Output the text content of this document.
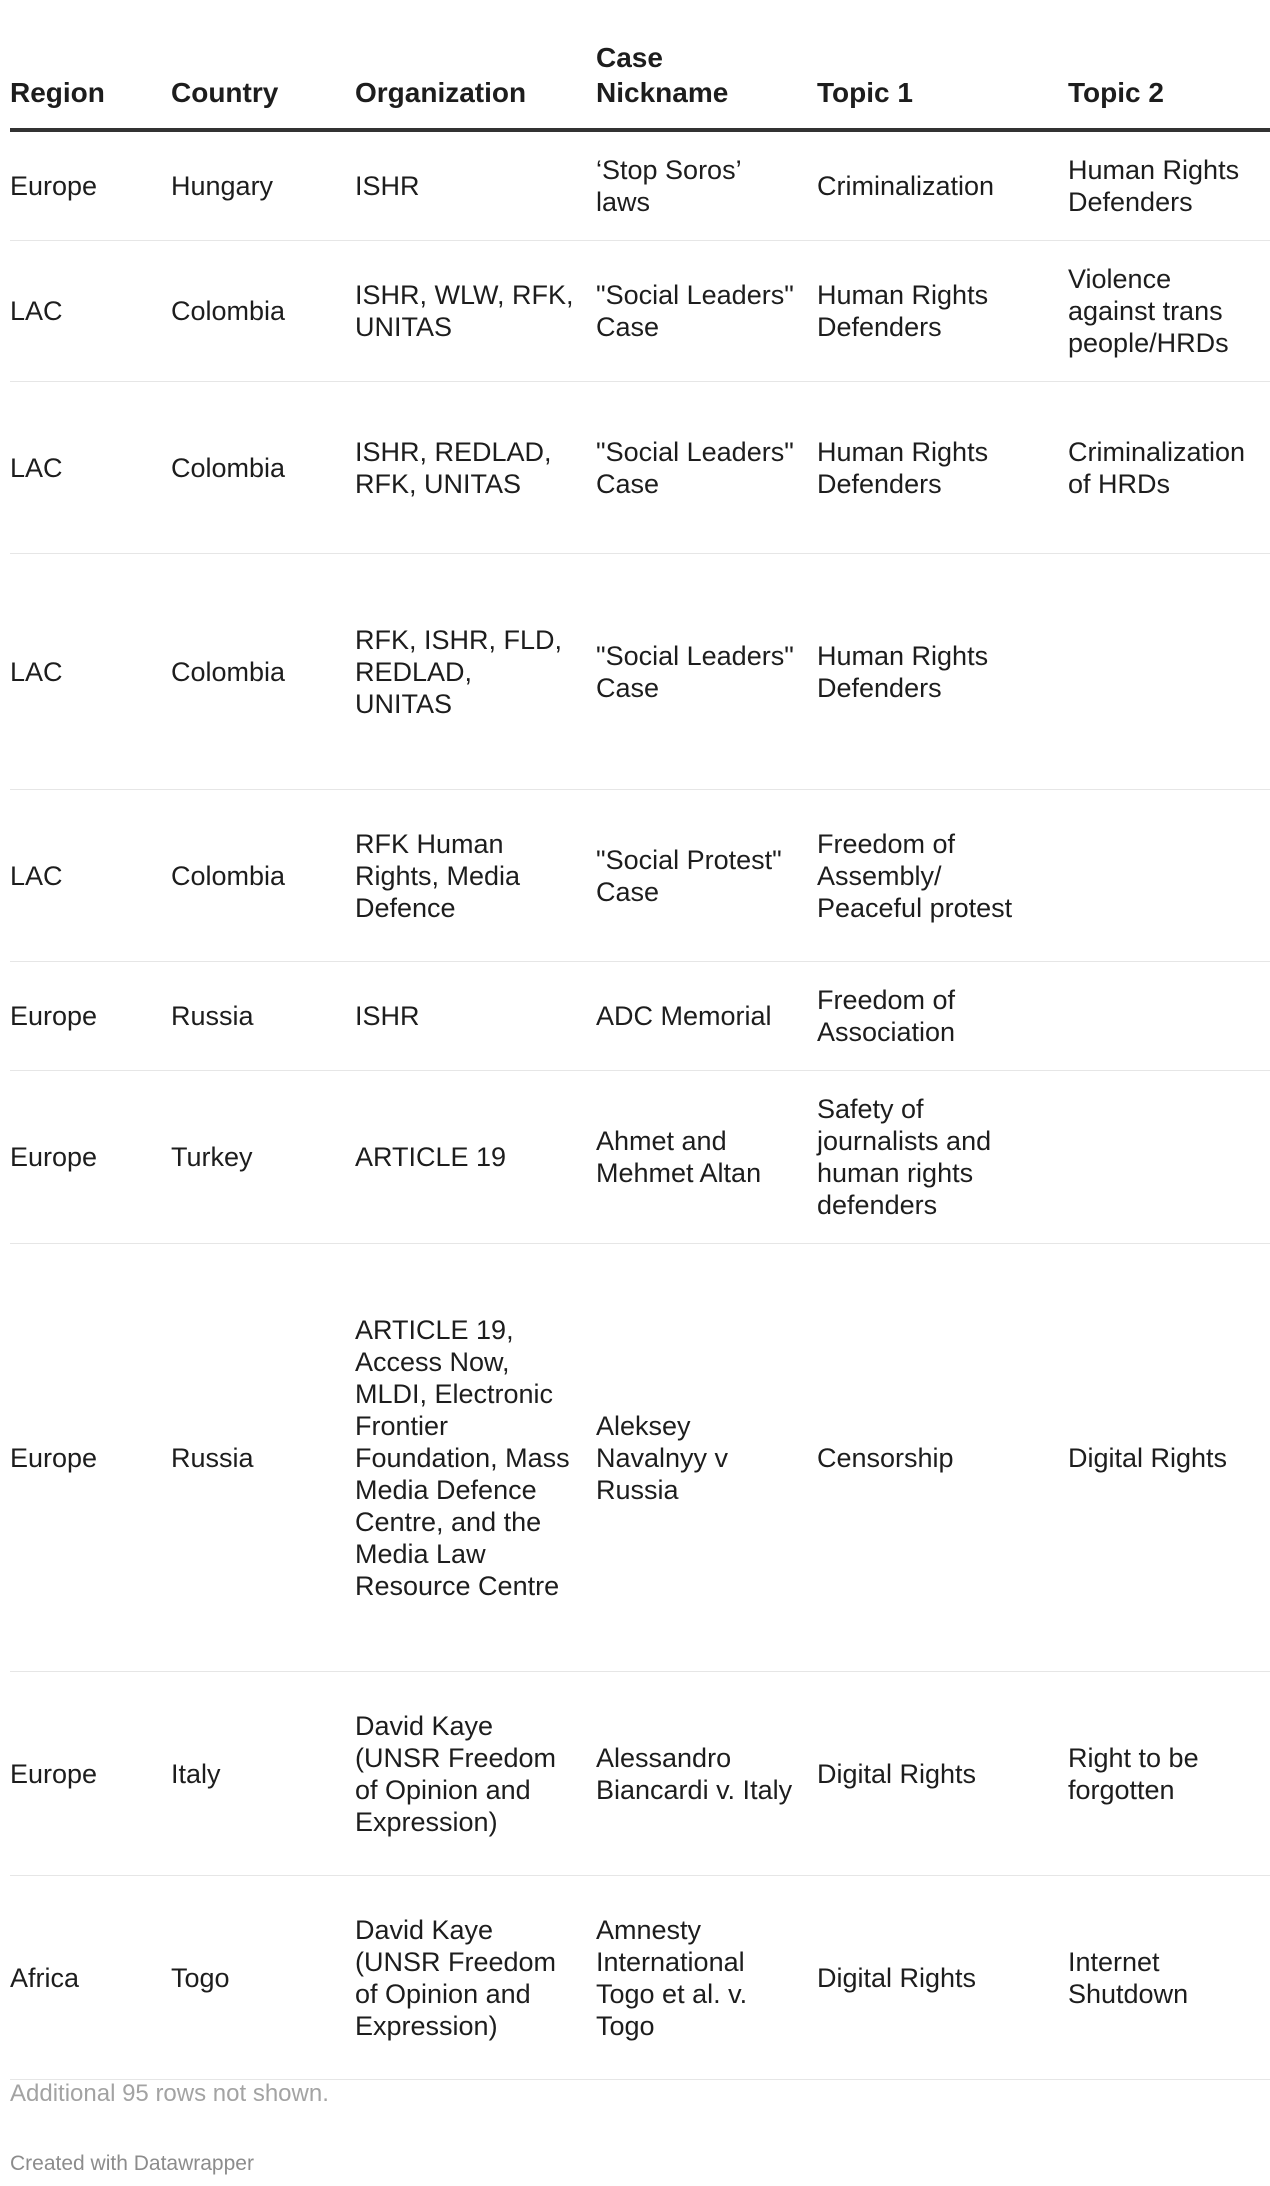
Region	Country	Organization	Case Nickname	Topic 1	Topic 2
Europe	Hungary	ISHR	‘Stop Soros’ laws	Criminalization	Human Rights Defenders
LAC	Colombia	ISHR, WLW, RFK, UNITAS	"Social Leaders" Case	Human Rights Defenders	Violence against trans people/HRDs
LAC	Colombia	ISHR, REDLAD, RFK, UNITAS	"Social Leaders" Case	Human Rights Defenders	Criminalization of HRDs
LAC	Colombia	RFK, ISHR, FLD, REDLAD, UNITAS	"Social Leaders" Case	Human Rights Defenders	
LAC	Colombia	RFK Human Rights, Media Defence	"Social Protest" Case	Freedom of Assembly/ Peaceful protest	
Europe	Russia	ISHR	ADC Memorial	Freedom of Association	
Europe	Turkey	ARTICLE 19	Ahmet and Mehmet Altan	Safety of journalists and human rights defenders	
Europe	Russia	ARTICLE 19, Access Now, MLDI, Electronic Frontier Foundation, Mass Media Defence Centre, and the Media Law Resource Centre	Aleksey Navalnyy v Russia	Censorship	Digital Rights
Europe	Italy	David Kaye (UNSR Freedom of Opinion and Expression)	Alessandro Biancardi v. Italy	Digital Rights	Right to be forgotten
Africa	Togo	David Kaye (UNSR Freedom of Opinion and Expression)	Amnesty International Togo et al. v. Togo	Digital Rights	Internet Shutdown
Additional 95 rows not shown.
Created with Datawrapper
